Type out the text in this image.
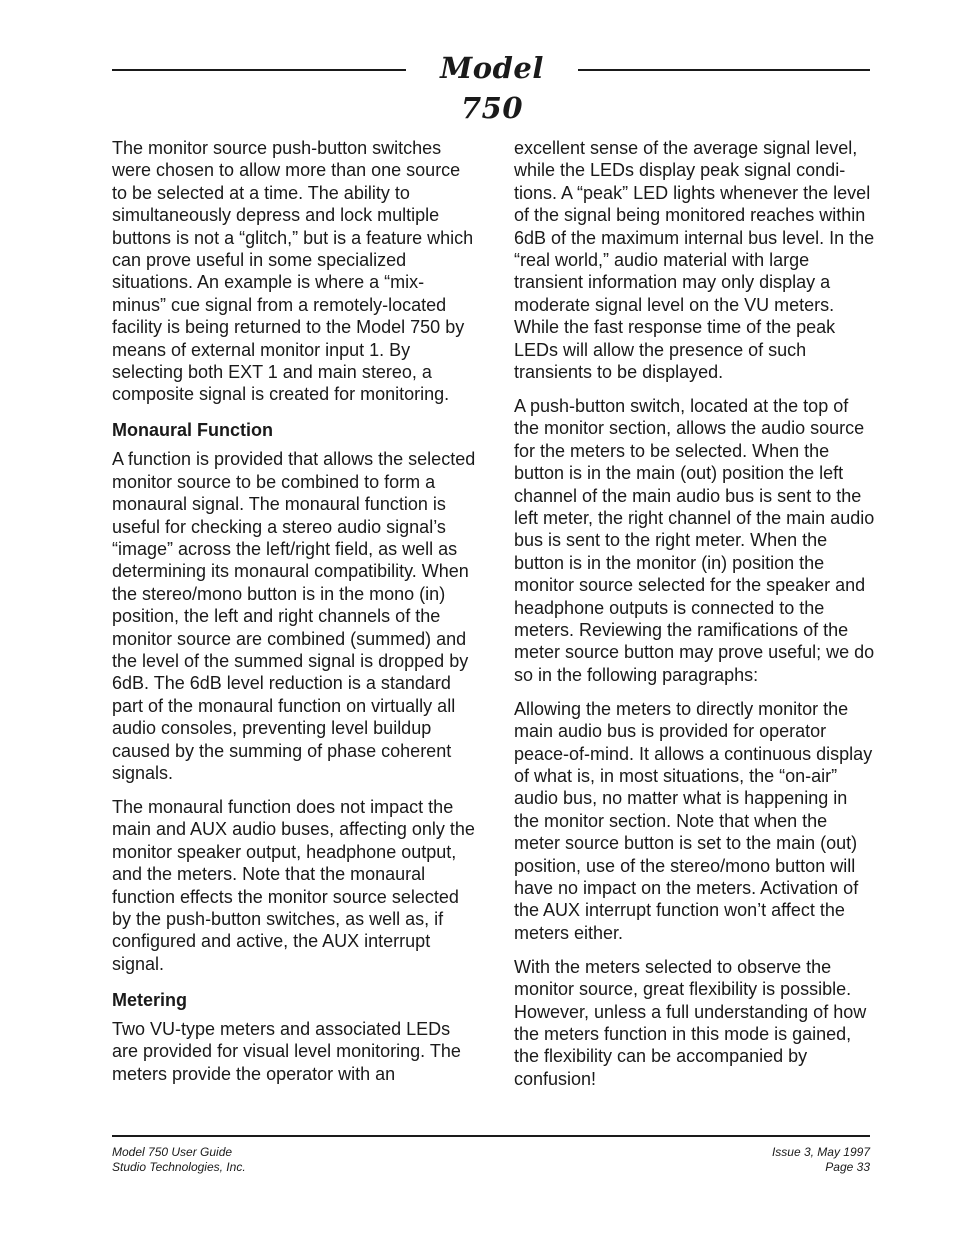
Model 750

The monitor source push-button switches were chosen to allow more than one source to be selected at a time. The ability to simultaneously depress and lock multiple buttons is not a “glitch,” but is a feature which can prove useful in some specialized situations. An example is where a “mix-minus” cue signal from a remotely-located facility is being returned to the Model 750 by means of external monitor input 1. By selecting both EXT 1 and main stereo, a composite signal is created for monitoring.

Monaural Function

A function is provided that allows the selected monitor source to be combined to form a monaural signal. The monaural function is useful for checking a stereo audio signal’s “image” across the left/right field, as well as determining its monaural compatibility. When the stereo/mono button is in the mono (in) position, the left and right channels of the monitor source are combined (summed) and the level of the summed signal is dropped by 6dB. The 6dB level reduction is a standard part of the monaural function on virtually all audio consoles, preventing level buildup caused by the summing of phase coherent signals.

The monaural function does not impact the main and AUX audio buses, affecting only the monitor speaker output, headphone output, and the meters. Note that the monaural function effects the monitor source selected by the push-button switches, as well as, if configured and active, the AUX interrupt signal.

Metering

Two VU-type meters and associated LEDs are provided for visual level monitoring. The meters provide the operator with an

excellent sense of the average signal level, while the LEDs display peak signal conditions. A “peak” LED lights whenever the level of the signal being monitored reaches within 6dB of the maximum internal bus level. In the “real world,” audio material with large transient information may only display a moderate signal level on the VU meters. While the fast response time of the peak LEDs will allow the presence of such transients to be displayed.

A push-button switch, located at the top of the monitor section, allows the audio source for the meters to be selected. When the button is in the main (out) position the left channel of the main audio bus is sent to the left meter, the right channel of the main audio bus is sent to the right meter. When the button is in the monitor (in) position the monitor source selected for the speaker and headphone outputs is connected to the meters. Reviewing the ramifications of the meter source button may prove useful; we do so in the following paragraphs:

Allowing the meters to directly monitor the main audio bus is provided for operator peace-of-mind. It allows a continuous display of what is, in most situations, the “on-air” audio bus, no matter what is happening in the monitor section. Note that when the meter source button is set to the main (out) position, use of the stereo/mono button will have no impact on the meters. Activation of the AUX interrupt function won’t affect the meters either.

With the meters selected to observe the monitor source, great flexibility is possible. However, unless a full understanding of how the meters function in this mode is gained, the flexibility can be accompanied by confusion!

Model 750 User Guide
Studio Technologies, Inc.
Issue 3, May 1997
Page 33
